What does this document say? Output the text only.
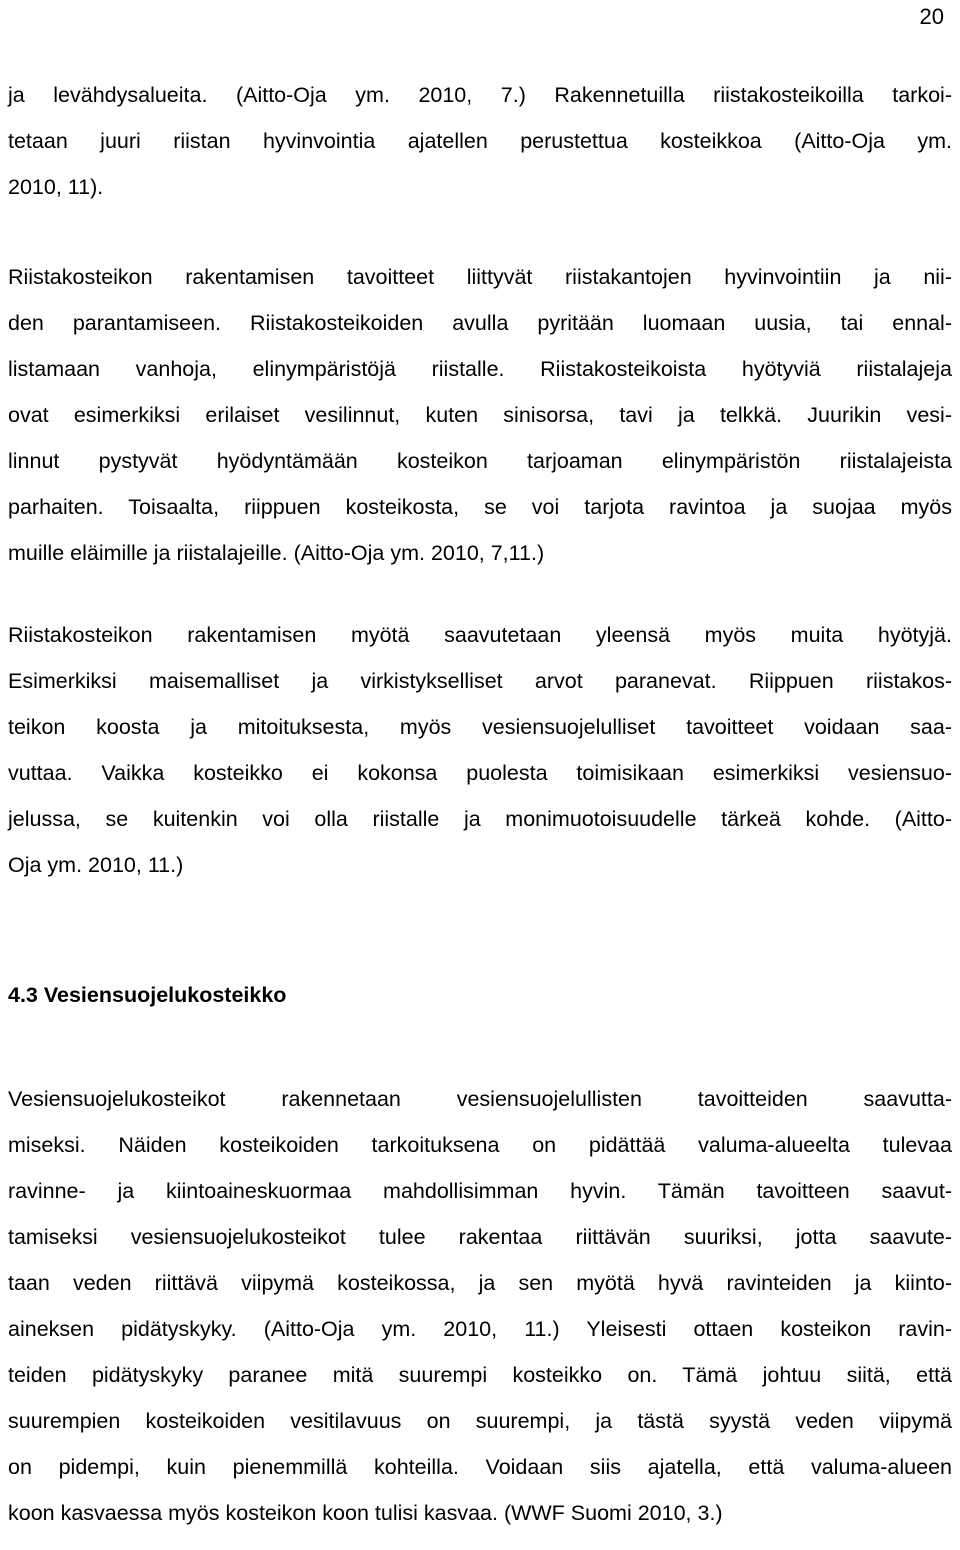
20

ja levähdysalueita. (Aitto-Oja ym. 2010, 7.) Rakennetuilla riistakosteikoilla tarkoi-
tetaan juuri riistan hyvinvointia ajatellen perustettua kosteikkoa (Aitto-Oja ym.
2010, 11).

Riistakosteikon rakentamisen tavoitteet liittyvät riistakantojen hyvinvointiin ja nii-
den parantamiseen. Riistakosteikoiden avulla pyritään luomaan uusia, tai ennal-
listamaan vanhoja, elinympäristöjä riistalle. Riistakosteikoista hyötyviä riistalajeja
ovat esimerkiksi erilaiset vesilinnut, kuten sinisorsa, tavi ja telkkä. Juurikin vesi-
linnut pystyvät hyödyntämään kosteikon tarjoaman elinympäristön riistalajeista
parhaiten. Toisaalta, riippuen kosteikosta, se voi tarjota ravintoa ja suojaa myös
muille eläimille ja riistalajeille. (Aitto-Oja ym. 2010, 7,11.)

Riistakosteikon rakentamisen myötä saavutetaan yleensä myös muita hyötyjä.
Esimerkiksi maisemalliset ja virkistykselliset arvot paranevat. Riippuen riistakos-
teikon koosta ja mitoituksesta, myös vesiensuojelulliset tavoitteet voidaan saa-
vuttaa. Vaikka kosteikko ei kokonsa puolesta toimisikaan esimerkiksi vesiensuo-
jelussa, se kuitenkin voi olla riistalle ja monimuotoisuudelle tärkeä kohde. (Aitto-
Oja ym. 2010, 11.)

4.3 Vesiensuojelukosteikko

Vesiensuojelukosteikot rakennetaan vesiensuojelullisten tavoitteiden saavutta-
miseksi. Näiden kosteikoiden tarkoituksena on pidättää valuma-alueelta tulevaa
ravinne- ja kiintoaineskuormaa mahdollisimman hyvin. Tämän tavoitteen saavut-
tamiseksi vesiensuojelukosteikot tulee rakentaa riittävän suuriksi, jotta saavute-
taan veden riittävä viipymä kosteikossa, ja sen myötä hyvä ravinteiden ja kiinto-
aineksen pidätyskyky. (Aitto-Oja ym. 2010, 11.) Yleisesti ottaen kosteikon ravin-
teiden pidätyskyky paranee mitä suurempi kosteikko on. Tämä johtuu siitä, että
suurempien kosteikoiden vesitilavuus on suurempi, ja tästä syystä veden viipymä
on pidempi, kuin pienemmillä kohteilla. Voidaan siis ajatella, että valuma-alueen
koon kasvaessa myös kosteikon koon tulisi kasvaa. (WWF Suomi 2010, 3.)
